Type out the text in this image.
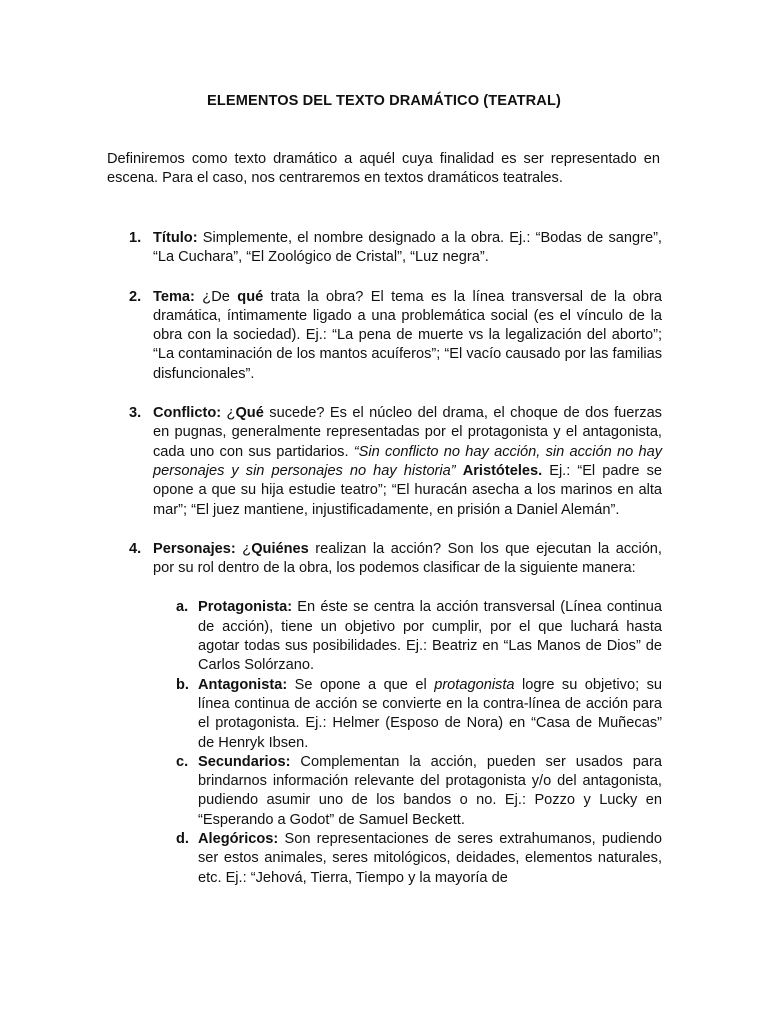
ELEMENTOS DEL TEXTO DRAMÁTICO (TEATRAL)
Definiremos como texto dramático a aquél cuya finalidad es ser representado en escena. Para el caso, nos centraremos en textos dramáticos teatrales.
1. Título: Simplemente, el nombre designado a la obra. Ej.: “Bodas de sangre”, “La Cuchara”, “El Zoológico de Cristal”, “Luz negra”.
2. Tema: ¿De qué trata la obra? El tema es la línea transversal de la obra dramática, íntimamente ligado a una problemática social (es el vínculo de la obra con la sociedad). Ej.: “La pena de muerte vs la legalización del aborto”; “La contaminación de los mantos acuíferos”; “El vacío causado por las familias disfuncionales”.
3. Conflicto: ¿Qué sucede? Es el núcleo del drama, el choque de dos fuerzas en pugnas, generalmente representadas por el protagonista y el antagonista, cada uno con sus partidarios. “Sin conflicto no hay acción, sin acción no hay personajes y sin personajes no hay historia” Aristóteles. Ej.: “El padre se opone a que su hija estudie teatro”; “El huracán asecha a los marinos en alta mar”; “El juez mantiene, injustificadamente, en prisión a Daniel Alemán”.
4. Personajes: ¿Quiénes realizan la acción? Son los que ejecutan la acción, por su rol dentro de la obra, los podemos clasificar de la siguiente manera:
a. Protagonista: En éste se centra la acción transversal (Línea continua de acción), tiene un objetivo por cumplir, por el que luchará hasta agotar todas sus posibilidades. Ej.: Beatriz en “Las Manos de Dios” de Carlos Solórzano.
b. Antagonista: Se opone a que el protagonista logre su objetivo; su línea continua de acción se convierte en la contra-línea de acción para el protagonista. Ej.: Helmer (Esposo de Nora) en “Casa de Muñecas” de Henryk Ibsen.
c. Secundarios: Complementan la acción, pueden ser usados para brindarnos información relevante del protagonista y/o del antagonista, pudiendo asumir uno de los bandos o no. Ej.: Pozzo y Lucky en “Esperando a Godot” de Samuel Beckett.
d. Alegóricos: Son representaciones de seres extrahumanos, pudiendo ser estos animales, seres mitológicos, deidades, elementos naturales, etc. Ej.: “Jehová, Tierra, Tiempo y la mayoría de
